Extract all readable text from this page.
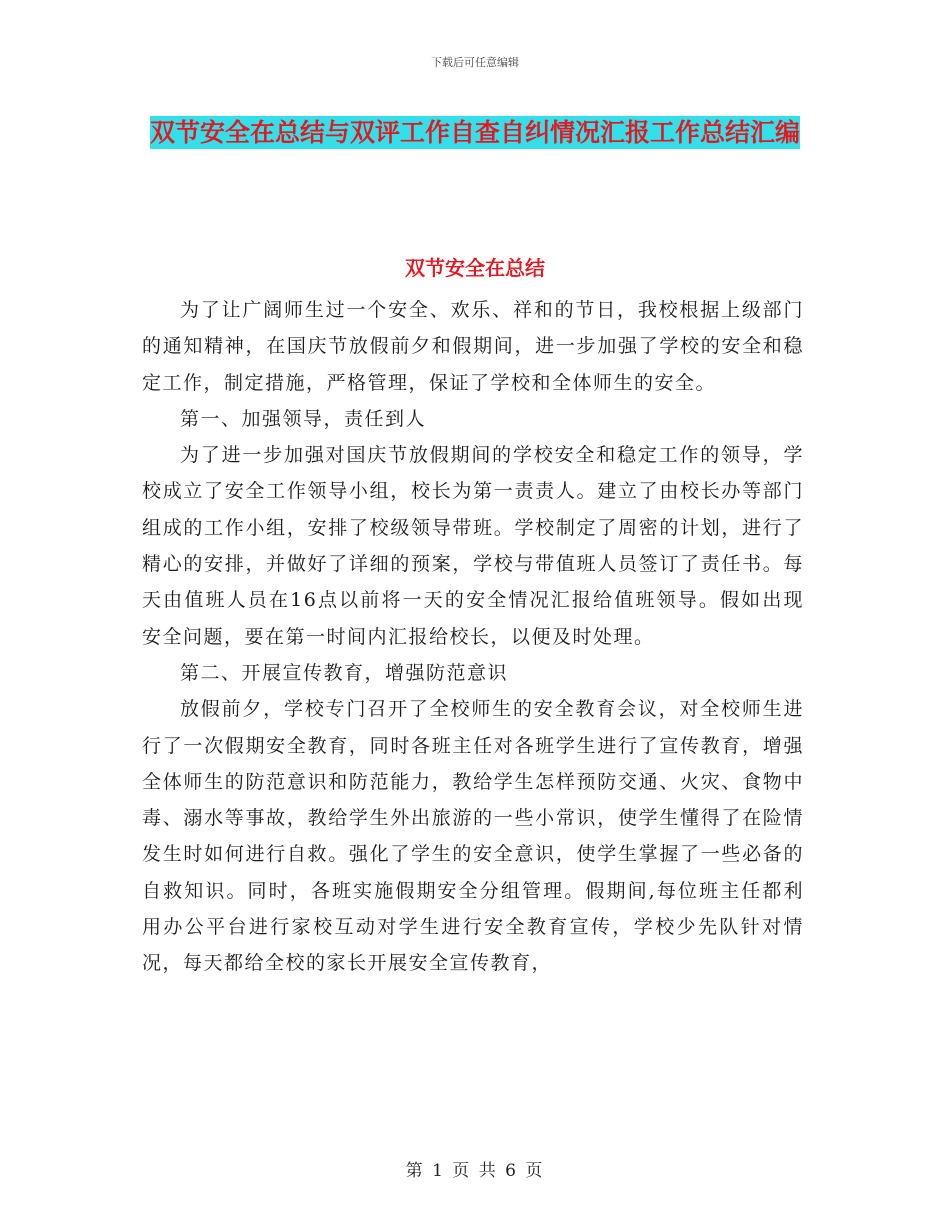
下载后可任意编辑
双节安全在总结与双评工作自查自纠情况汇报工作总结汇编
双节安全在总结

为了让广阔师生过一个安全、欢乐、祥和的节日，我校根据上级部门的通知精神，在国庆节放假前夕和假期间，进一步加强了学校的安全和稳定工作，制定措施，严格管理，保证了学校和全体师生的安全。

第一、加强领导，责任到人

为了进一步加强对国庆节放假期间的学校安全和稳定工作的领导，学校成立了安全工作领导小组，校长为第一责责人。建立了由校长办等部门组成的工作小组，安排了校级领导带班。学校制定了周密的计划，进行了精心的安排，并做好了详细的预案，学校与带值班人员签订了责任书。每天由值班人员在16点以前将一天的安全情况汇报给值班领导。假如出现安全问题，要在第一时间内汇报给校长，以便及时处理。

第二、开展宣传教育，增强防范意识

放假前夕，学校专门召开了全校师生的安全教育会议，对全校师生进行了一次假期安全教育，同时各班主任对各班学生进行了宣传教育，增强全体师生的防范意识和防范能力，教给学生怎样预防交通、火灾、食物中毒、溺水等事故，教给学生外出旅游的一些小常识，使学生懂得了在险情发生时如何进行自救。强化了学生的安全意识，使学生掌握了一些必备的自救知识。同时，各班实施假期安全分组管理。假期间,每位班主任都利用办公平台进行家校互动对学生进行安全教育宣传，学校少先队针对情况，每天都给全校的家长开展安全宣传教育，

第 1 页 共 6 页
